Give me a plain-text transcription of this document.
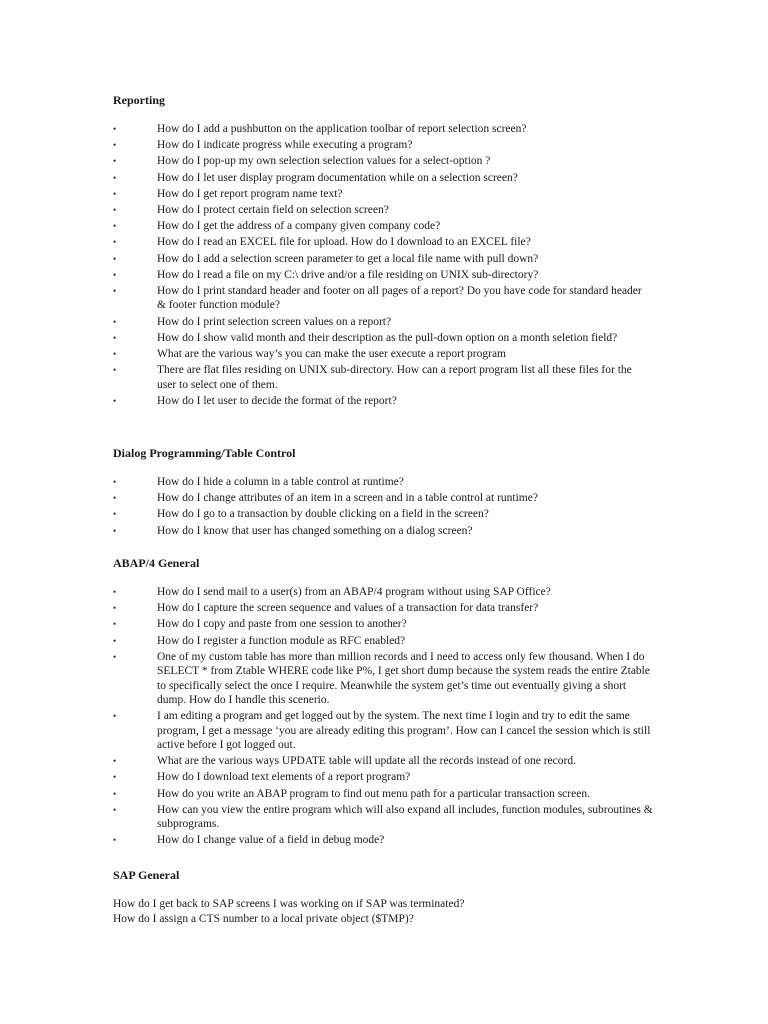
Reporting
•	How do I add a pushbutton on the application toolbar of report selection screen?
•	How do I indicate progress while executing a program?
•	How do I pop-up my own selection selection values for a select-option ?
•	How do I let user display program documentation while on a selection screen?
•	How do I get report program name text?
•	How do I protect certain field on selection screen?
•	How do I get the address of a company given company code?
•	How do I read an EXCEL file for upload. How do I download to an EXCEL file?
•	How do I add a selection screen parameter to get a local file name with pull down?
•	How do I read a file on my C:\ drive and/or a file residing on UNIX sub-directory?
•	How do I print standard header and footer on all pages of a report? Do you have code for standard header & footer function module?
•	How do I print selection screen values on a report?
•	How do I show valid month and their description as the pull-down option on a month seletion field?
•	What are the various way’s you can make the user execute a report program
•	There are flat files residing on UNIX sub-directory. How can a report program list all these files for the user to select one of them.
•	How do I let user to decide the format of the report?
Dialog Programming/Table Control
•	How do I hide a column in a table control at runtime?
•	How do I change attributes of an item in a screen and in a table control at runtime?
•	How do I go to a transaction by double clicking on a field in the screen?
•	How do I know that user has changed something on a dialog screen?
ABAP/4 General
•	How do I send mail to a user(s) from an ABAP/4 program without using SAP Office?
•	How do I capture the screen sequence and values of a transaction for data transfer?
•	How do I copy and paste from one session to another?
•	How do I register a function module as RFC enabled?
•	One of my custom table has more than million records and I need to access only few thousand. When I do SELECT * from Ztable WHERE code like P%, I get short dump because the system reads the entire Ztable to specifically select the once I require. Meanwhile the system get’s time out eventually giving a short dump. How do I handle this scenerio.
•	I am editing a program and get logged out by the system. The next time I login and try to edit the same program, I get a message ‘you are already editing this program’. How can I cancel the session which is still active before I got logged out.
•	What are the various ways UPDATE table will update all the records instead of one record.
•	How do I download text elements of a report program?
•	How do you write an ABAP program to find out menu path for a particular transaction screen.
•	How can you view the entire program which will also expand all includes, function modules, subroutines & subprograms.
•	How do I change value of a field in debug mode?
SAP General

How do I get back to SAP screens I was working on if SAP was terminated?

How do I assign a CTS number to a local private object ($TMP)?
